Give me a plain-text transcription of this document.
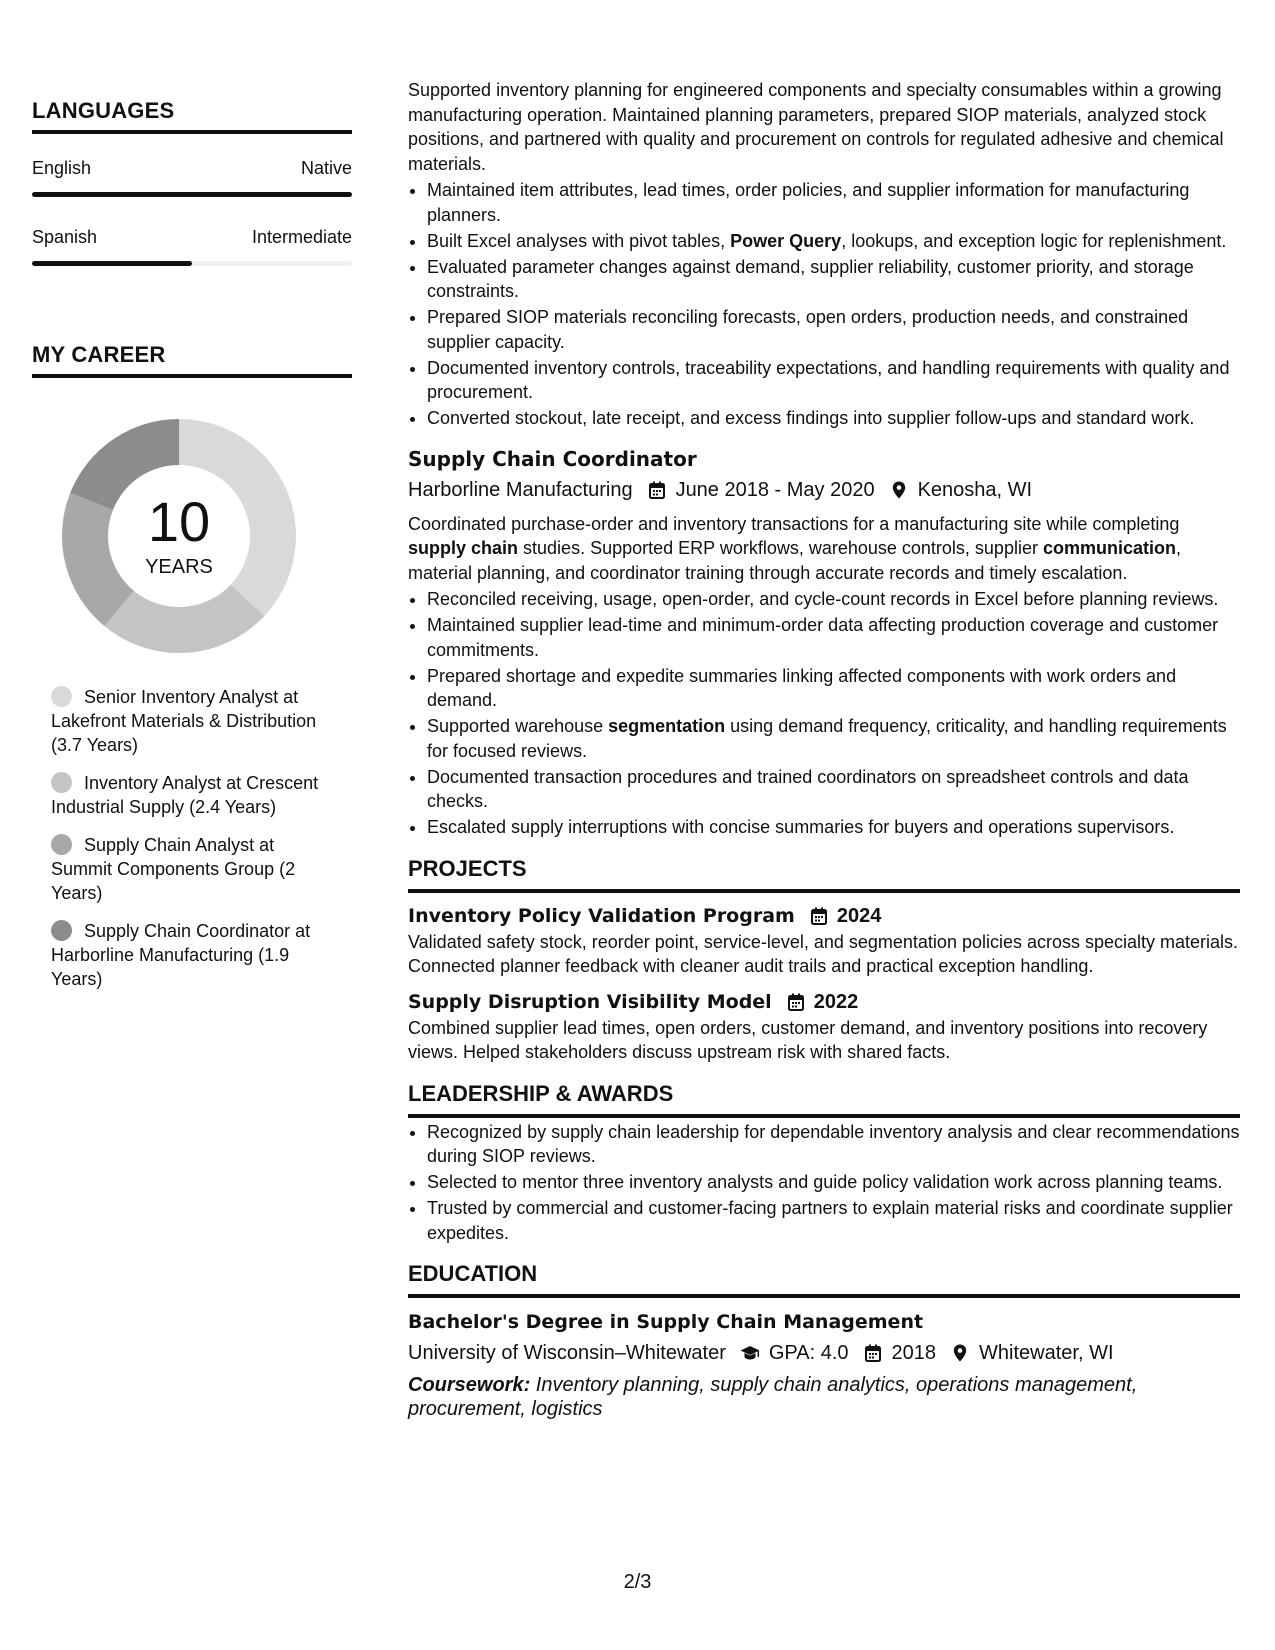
LANGUAGES
English	Native
Spanish	Intermediate
MY CAREER
10
YEARS
Senior Inventory Analyst at Lakefront Materials & Distribution (3.7 Years)
Inventory Analyst at Crescent Industrial Supply (2.4 Years)
Supply Chain Analyst at Summit Components Group (2 Years)
Supply Chain Coordinator at Harborline Manufacturing (1.9 Years)

Supported inventory planning for engineered components and specialty consumables within a growing manufacturing operation. Maintained planning parameters, prepared SIOP materials, analyzed stock positions, and partnered with quality and procurement on controls for regulated adhesive and chemical materials.

• Maintained item attributes, lead times, order policies, and supplier information for manufacturing planners.
• Built Excel analyses with pivot tables, Power Query, lookups, and exception logic for replenishment.
• Evaluated parameter changes against demand, supplier reliability, customer priority, and storage constraints.
• Prepared SIOP materials reconciling forecasts, open orders, production needs, and constrained supplier capacity.
• Documented inventory controls, traceability expectations, and handling requirements with quality and procurement.
• Converted stockout, late receipt, and excess findings into supplier follow-ups and standard work.
Supply Chain Coordinator
Harborline Manufacturing June 2018 - May 2020 Kenosha, WI

Coordinated purchase-order and inventory transactions for a manufacturing site while completing supply chain studies. Supported ERP workflows, warehouse controls, supplier communication, material planning, and coordinator training through accurate records and timely escalation.

• Reconciled receiving, usage, open-order, and cycle-count records in Excel before planning reviews.
• Maintained supplier lead-time and minimum-order data affecting production coverage and customer commitments.
• Prepared shortage and expedite summaries linking affected components with work orders and demand.
• Supported warehouse segmentation using demand frequency, criticality, and handling requirements for focused reviews.
• Documented transaction procedures and trained coordinators on spreadsheet controls and data checks.
• Escalated supply interruptions with concise summaries for buyers and operations supervisors.
PROJECTS
Inventory Policy Validation Program 2024

Validated safety stock, reorder point, service-level, and segmentation policies across specialty materials. Connected planner feedback with cleaner audit trails and practical exception handling.

Supply Disruption Visibility Model 2022

Combined supplier lead times, open orders, customer demand, and inventory positions into recovery views. Helped stakeholders discuss upstream risk with shared facts.

LEADERSHIP & AWARDS
• Recognized by supply chain leadership for dependable inventory analysis and clear recommendations during SIOP reviews.
• Selected to mentor three inventory analysts and guide policy validation work across planning teams.
• Trusted by commercial and customer-facing partners to explain material risks and coordinate supplier expedites.
EDUCATION
Bachelor's Degree in Supply Chain Management
University of Wisconsin–Whitewater GPA: 4.0 2018 Whitewater, WI

Coursework: Inventory planning, supply chain analytics, operations management, procurement, logistics

2/3
